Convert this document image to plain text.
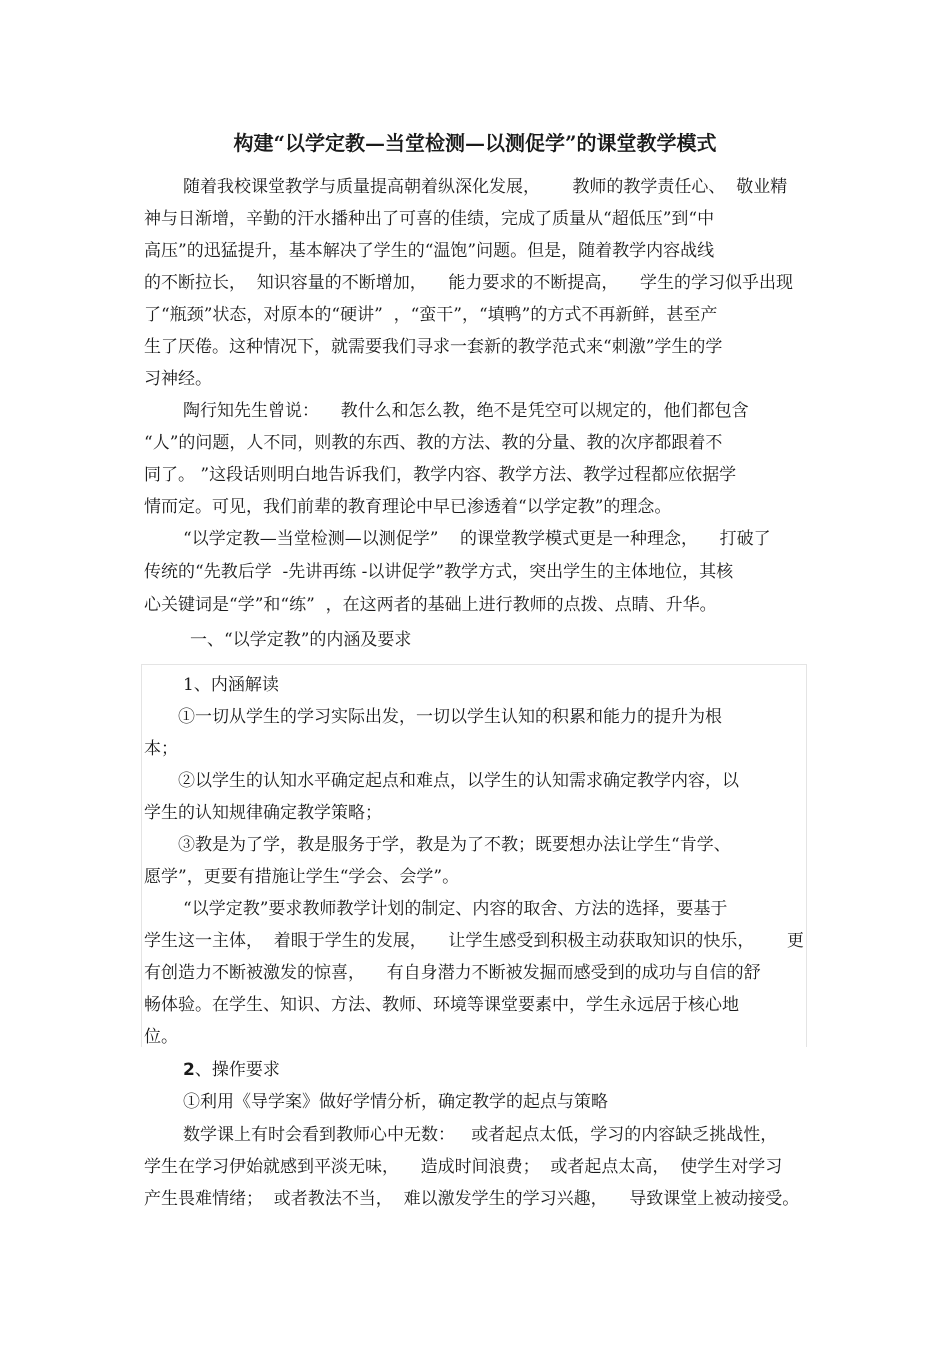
构建“以学定教—当堂检测—以测促学”的课堂教学模式

随着我校课堂教学与质量提高朝着纵深化发展，      教师的教学责任心、  敬业精

神与日渐增，辛勤的汗水播种出了可喜的佳绩，完成了质量从“超低压”到“中

高压”的迅猛提升，基本解决了学生的“温饱”问题。但是，随着教学内容战线

的不断拉长，  知识容量的不断增加，    能力要求的不断提高，    学生的学习似乎出现

了“瓶颈”状态，对原本的“硬讲”  ，“蛮干”，“填鸭”的方式不再新鲜，甚至产

生了厌倦。这种情况下，就需要我们寻求一套新的教学范式来“刺激”学生的学

习神经。

陶行知先生曾说：    教什么和怎么教，绝不是凭空可以规定的，他们都包含

“人”的问题，人不同，则教的东西、教的方法、教的分量、教的次序都跟着不

同了。 ”这段话则明白地告诉我们，教学内容、教学方法、教学过程都应依据学

情而定。可见，我们前辈的教育理论中早已渗透着“以学定教”的理念。

“以学定教—当堂检测—以测促学”    的课堂教学模式更是一种理念，    打破了

传统的“先教后学  -先讲再练 -以讲促学”教学方式，突出学生的主体地位，其核

心关键词是“学”和“练”  ，在这两者的基础上进行教师的点拨、点睛、升华。

一、“以学定教”的内涵及要求
1、内涵解读

①一切从学生的学习实际出发，一切以学生认知的积累和能力的提升为根

本；

②以学生的认知水平确定起点和难点，以学生的认知需求确定教学内容，以

学生的认知规律确定教学策略；

③教是为了学，教是服务于学，教是为了不教；既要想办法让学生“肯学、

愿学”，更要有措施让学生“学会、会学”。

“以学定教”要求教师教学计划的制定、内容的取舍、方法的选择，要基于

学生这一主体，  着眼于学生的发展，    让学生感受到积极主动获取知识的快乐，      更

有创造力不断被激发的惊喜，    有自身潜力不断被发掘而感受到的成功与自信的舒

畅体验。在学生、知识、方法、教师、环境等课堂要素中，学生永远居于核心地

位。

2、操作要求

①利用《导学案》做好学情分析，确定教学的起点与策略

数学课上有时会看到教师心中无数：   或者起点太低，学习的内容缺乏挑战性，

学生在学习伊始就感到平淡无味，    造成时间浪费；  或者起点太高，  使学生对学习

产生畏难情绪；  或者教法不当，  难以激发学生的学习兴趣，    导致课堂上被动接受。
